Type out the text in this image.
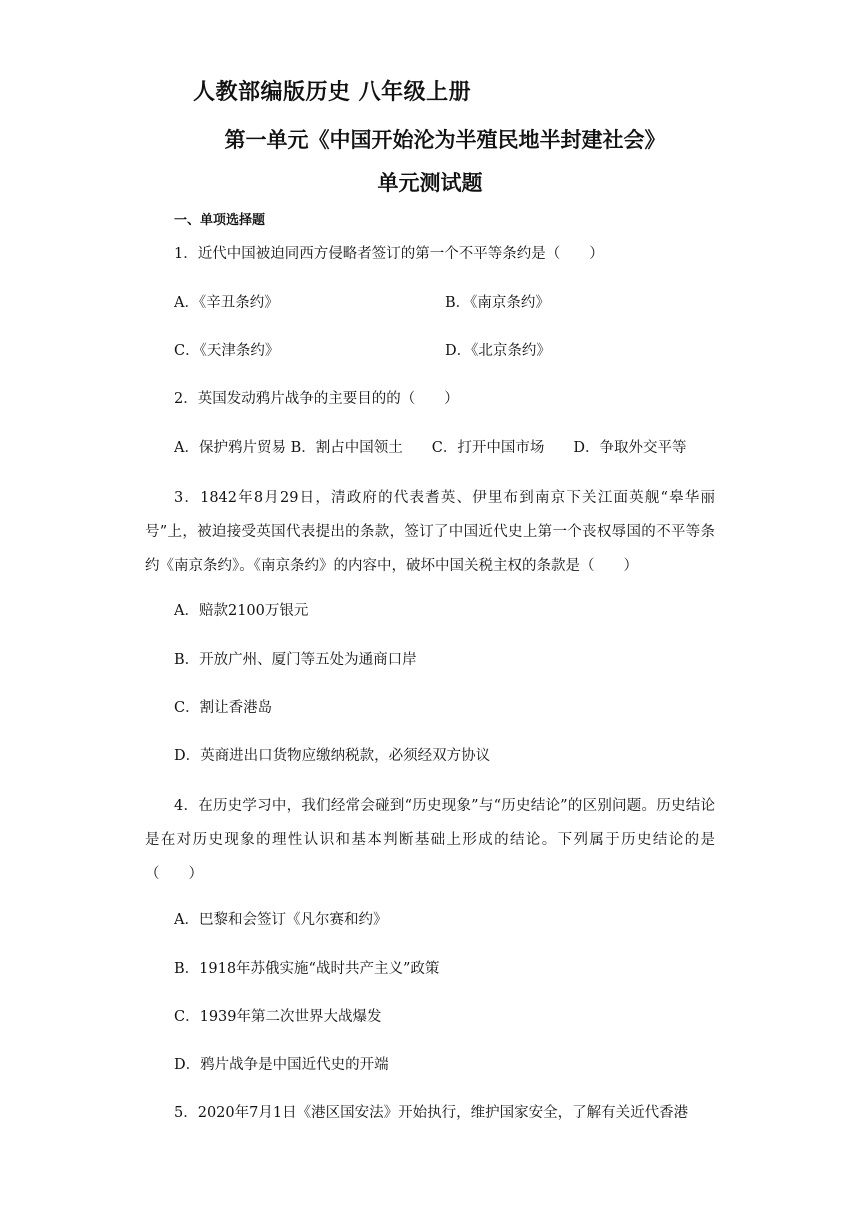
人教部编版历史 八年级上册
第一单元《中国开始沦为半殖民地半封建社会》
单元测试题
一、单项选择题
1．近代中国被迫同西方侵略者签订的第一个不平等条约是（　　）
A．《辛丑条约》	B．《南京条约》
C．《天津条约》	D．《北京条约》
2．英国发动鸦片战争的主要目的的（　　）
A．保护鸦片贸易 B．割占中国领土　　C．打开中国市场　　D．争取外交平等
3．1842年8月29日，清政府的代表耆英、伊里布到南京下关江面英舰“皋华丽号”上，被迫接受英国代表提出的条款，签订了中国近代史上第一个丧权辱国的不平等条约《南京条约》。《南京条约》的内容中，破坏中国关税主权的条款是（　　）
A．赔款2100万银元
B．开放广州、厦门等五处为通商口岸
C．割让香港岛
D．英商进出口货物应缴纳税款，必须经双方协议
4．在历史学习中，我们经常会碰到“历史现象”与“历史结论”的区别问题。历史结论是在对历史现象的理性认识和基本判断基础上形成的结论。下列属于历史结论的是（　　）
A．巴黎和会签订《凡尔赛和约》
B．1918年苏俄实施“战时共产主义”政策
C．1939年第二次世界大战爆发
D．鸦片战争是中国近代史的开端
5．2020年7月1日《港区国安法》开始执行，维护国家安全，了解有关近代香港
